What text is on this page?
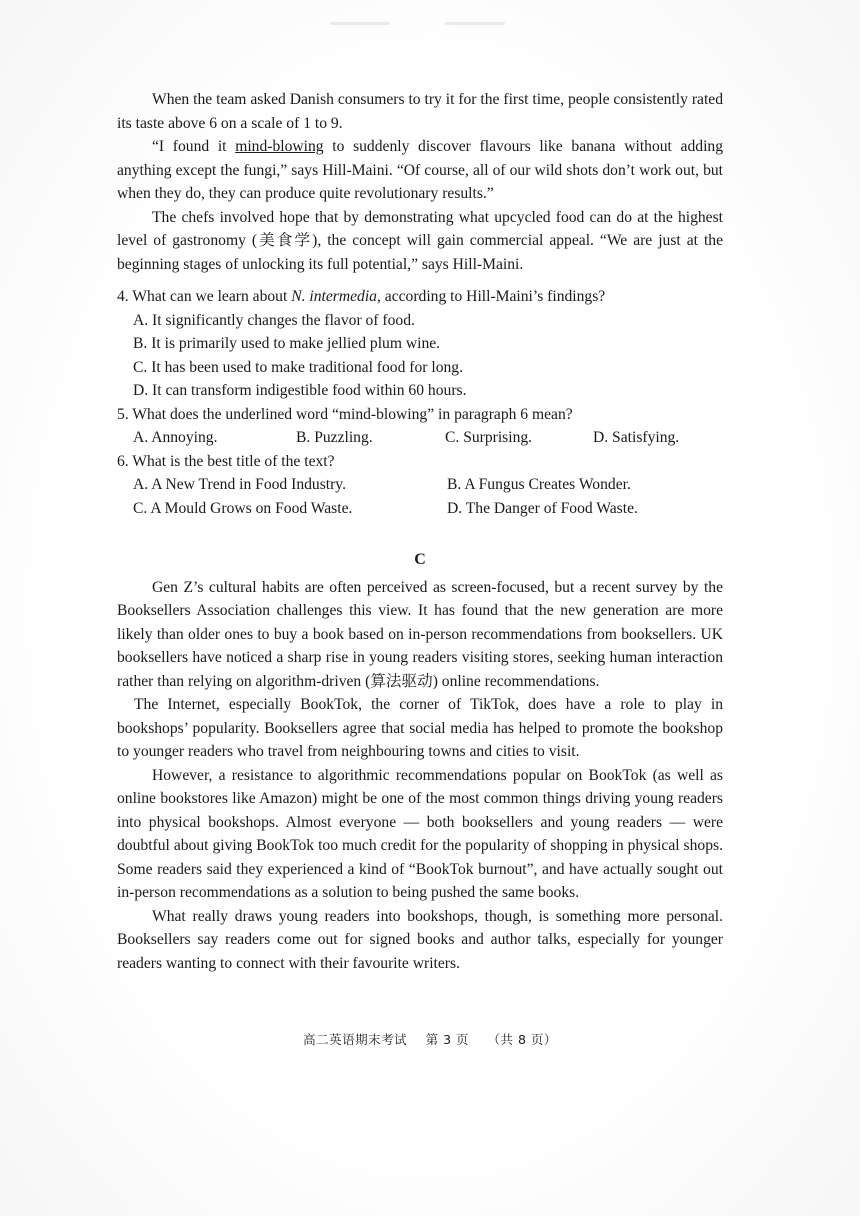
When the team asked Danish consumers to try it for the first time, people consistently rated its taste above 6 on a scale of 1 to 9.

“I found it mind-blowing to suddenly discover flavours like banana without adding anything except the fungi,” says Hill-Maini. “Of course, all of our wild shots don’t work out, but when they do, they can produce quite revolutionary results.”

The chefs involved hope that by demonstrating what upcycled food can do at the highest level of gastronomy (美食学), the concept will gain commercial appeal. “We are just at the beginning stages of unlocking its full potential,” says Hill-Maini.

4. What can we learn about N. intermedia, according to Hill-Maini’s findings?

A. It significantly changes the flavor of food.

B. It is primarily used to make jellied plum wine.

C. It has been used to make traditional food for long.

D. It can transform indigestible food within 60 hours.

5. What does the underlined word “mind-blowing” in paragraph 6 mean?

A. Annoying.	B. Puzzling.	C. Surprising.	D. Satisfying.

6. What is the best title of the text?

A. A New Trend in Food Industry.	B. A Fungus Creates Wonder.
C. A Mould Grows on Food Waste.	D. The Danger of Food Waste.
C

Gen Z’s cultural habits are often perceived as screen-focused, but a recent survey by the Booksellers Association challenges this view. It has found that the new generation are more likely than older ones to buy a book based on in-person recommendations from booksellers. UK booksellers have noticed a sharp rise in young readers visiting stores, seeking human interaction rather than relying on algorithm-driven (算法驱动) online recommendations.

The Internet, especially BookTok, the corner of TikTok, does have a role to play in bookshops’ popularity. Booksellers agree that social media has helped to promote the bookshop to younger readers who travel from neighbouring towns and cities to visit.

However, a resistance to algorithmic recommendations popular on BookTok (as well as online bookstores like Amazon) might be one of the most common things driving young readers into physical bookshops. Almost everyone — both booksellers and young readers — were doubtful about giving BookTok too much credit for the popularity of shopping in physical shops. Some readers said they experienced a kind of “BookTok burnout”, and have actually sought out in-person recommendations as a solution to being pushed the same books.

What really draws young readers into bookshops, though, is something more personal. Booksellers say readers come out for signed books and author talks, especially for younger readers wanting to connect with their favourite writers.

高二英语期末考试 第 3 页 （共 8 页）
